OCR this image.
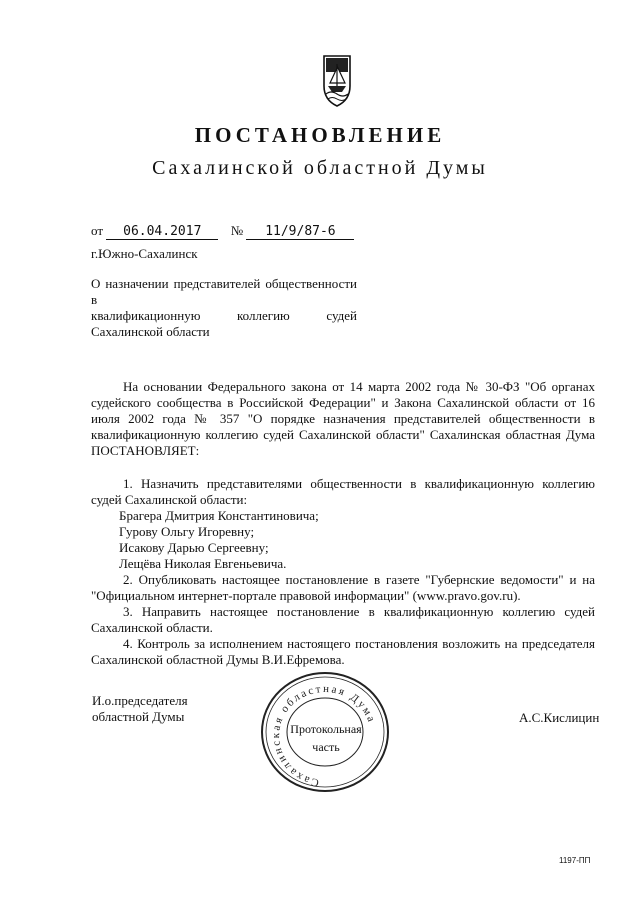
ПОСТАНОВЛЕНИЕ
Сахалинской областной Думы
от 06.04.2017 № 11/9/87-6
г.Южно-Сахалинск
О назначении представителей общественности в
квалификационную коллегию судей
Сахалинской области

На основании Федерального закона от 14 марта 2002 года № 30-ФЗ "Об органах судейского сообщества в Российской Федерации" и Закона Сахалинской области от 16 июля 2002 года № 357 "О порядке назначения представителей общественности в квалификационную коллегию судей Сахалинской области" Сахалинская областная Дума ПОСТАНОВЛЯЕТ:

1. Назначить представителями общественности в квалификационную коллегию судей Сахалинской области:

Брагера Дмитрия Константиновича;

Гурову Ольгу Игоревну;

Исакову Дарью Сергеевну;

Лещёва Николая Евгеньевича.

2. Опубликовать настоящее постановление в газете "Губернские ведомости" и на "Официальном интернет-портале правовой информации" (www.pravo.gov.ru).

3. Направить настоящее постановление в квалификационную коллегию судей Сахалинской области.

4. Контроль за исполнением настоящего постановления возложить на председателя Сахалинской областной Думы В.И.Ефремова.

И.о.председателя
областной Думы	А.С.Кислицин
Сахалинская областная Дума
Протокольная
часть
1197-ПП
